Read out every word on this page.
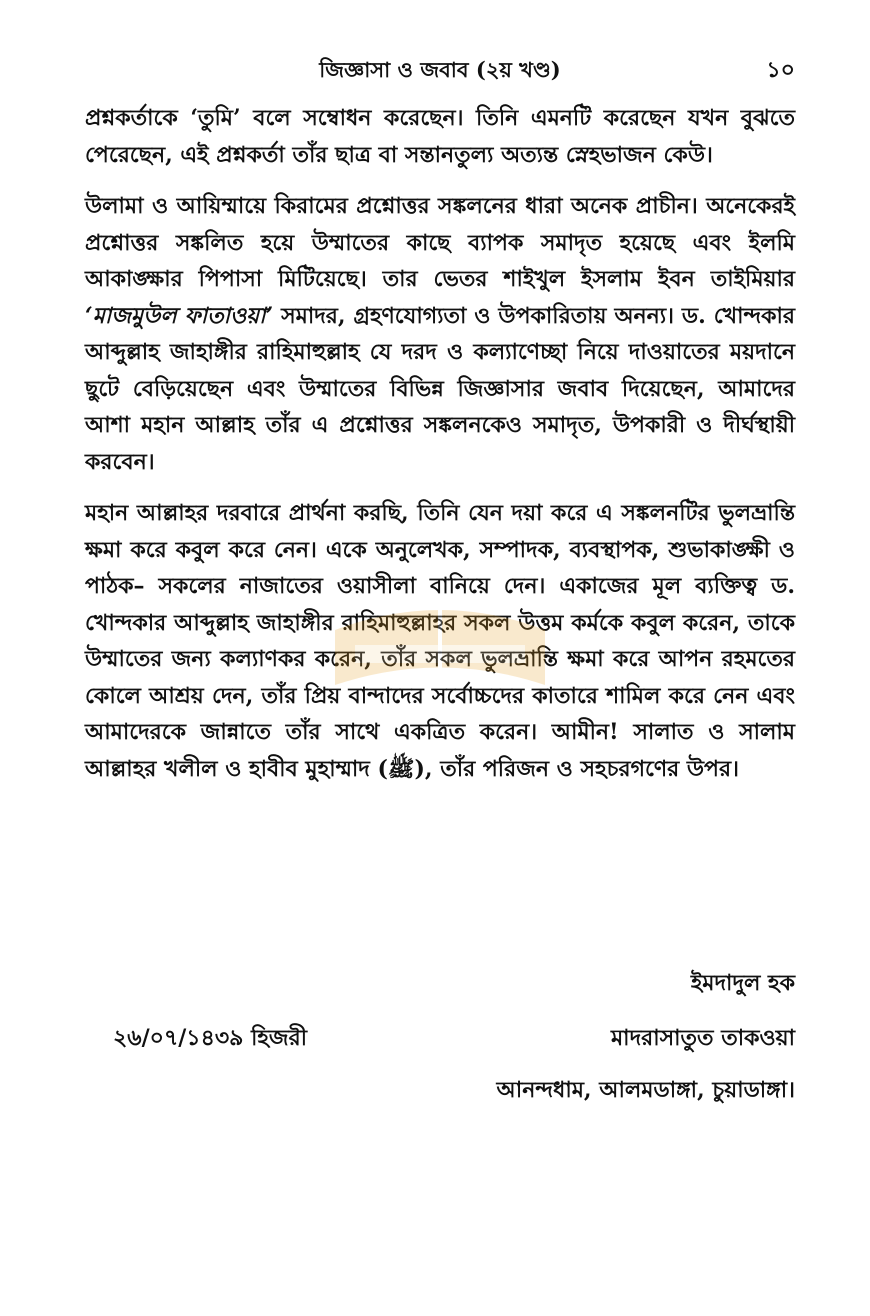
জিজ্ঞাসা ও জবাব (২য় খণ্ড)	১০

প্রশ্নকর্তাকে ‘তুমি’ বলে সম্বোধন করেছেন। তিনি এমনটি করেছেন যখন বুঝতে পেরেছেন, এই প্রশ্নকর্তা তাঁর ছাত্র বা সন্তানতুল্য অত্যন্ত স্নেহভাজন কেউ।

উলামা ও আয়িম্মায়ে কিরামের প্রশ্নোত্তর সঙ্কলনের ধারা অনেক প্রাচীন। অনেকেরই প্রশ্নোত্তর সঙ্কলিত হয়ে উম্মাতের কাছে ব্যাপক সমাদৃত হয়েছে এবং ইলমি আকাঙ্ক্ষার পিপাসা মিটিয়েছে। তার ভেতর শাইখুল ইসলাম ইবন তাইমিয়ার ‘মাজমুউল ফাতাওয়া’ সমাদর, গ্রহণযোগ্যতা ও উপকারিতায় অনন্য। ড. খোন্দকার আব্দুল্লাহ জাহাঙ্গীর রাহিমাহুল্লাহ যে দরদ ও কল্যাণেচ্ছা নিয়ে দাওয়াতের ময়দানে ছুটে বেড়িয়েছেন এবং উম্মাতের বিভিন্ন জিজ্ঞাসার জবাব দিয়েছেন, আমাদের আশা মহান আল্লাহ তাঁর এ প্রশ্নোত্তর সঙ্কলনকেও সমাদৃত, উপকারী ও দীর্ঘস্থায়ী করবেন।

মহান আল্লাহর দরবারে প্রার্থনা করছি, তিনি যেন দয়া করে এ সঙ্কলনটির ভুলভ্রান্তি ক্ষমা করে কবুল করে নেন। একে অনুলেখক, সম্পাদক, ব্যবস্থাপক, শুভাকাঙ্ক্ষী ও পাঠক– সকলের নাজাতের ওয়াসীলা বানিয়ে দেন। একাজের মূল ব্যক্তিত্ব ড. খোন্দকার আব্দুল্লাহ জাহাঙ্গীর রাহিমাহুল্লাহর সকল উত্তম কর্মকে কবুল করেন, তাকে উম্মাতের জন্য কল্যাণকর করেন, তাঁর সকল ভুলভ্রান্তি ক্ষমা করে আপন রহমতের কোলে আশ্রয় দেন, তাঁর প্রিয় বান্দাদের সর্বোচ্চদের কাতারে শামিল করে নেন এবং আমাদেরকে জান্নাতে তাঁর সাথে একত্রিত করেন। আমীন! সালাত ও সালাম আল্লাহর খলীল ও হাবীব মুহাম্মাদ (ﷺ), তাঁর পরিজন ও সহচরগণের উপর।

ইমদাদুল হক
২৬/০৭/১৪৩৯ হিজরী	মাদরাসাতুত তাকওয়া
আনন্দধাম, আলমডাঙ্গা, চুয়াডাঙ্গা।
